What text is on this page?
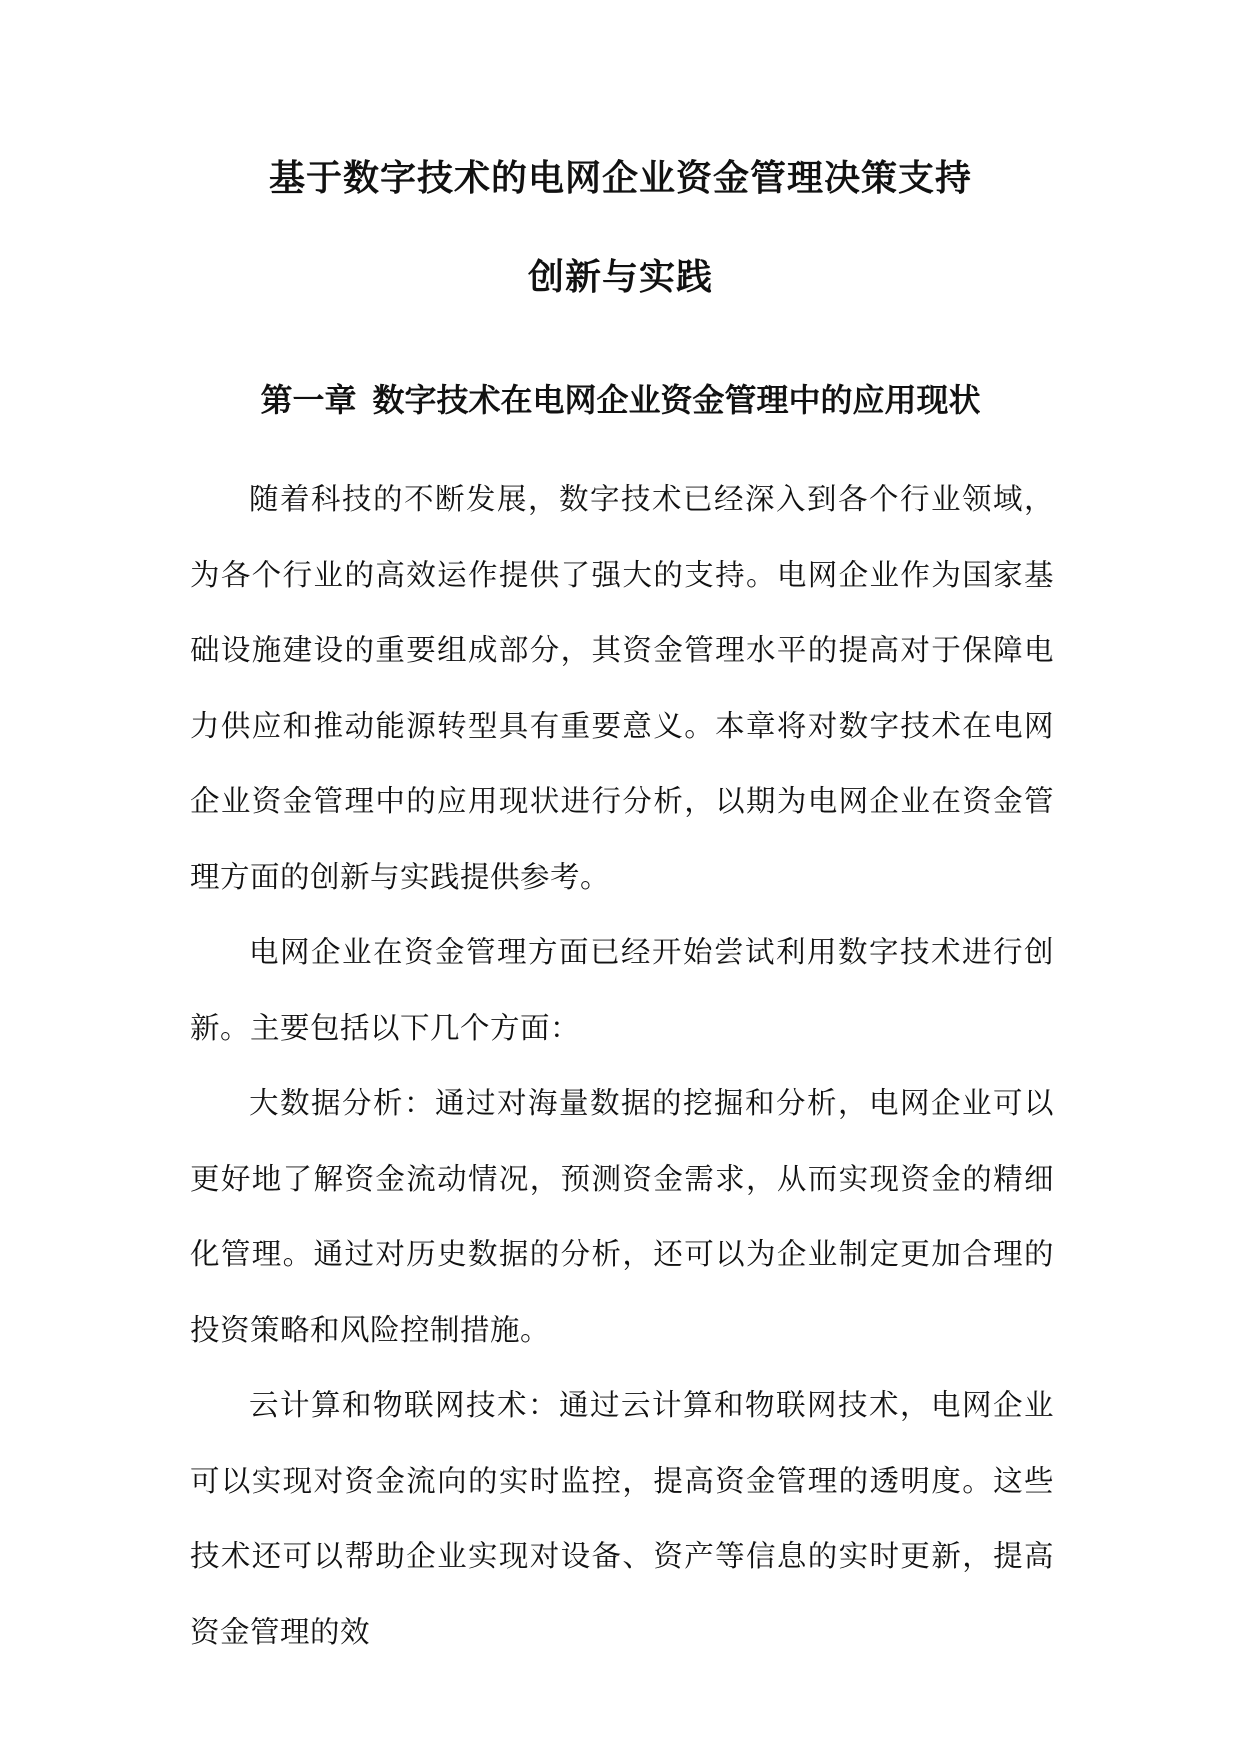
基于数字技术的电网企业资金管理决策支持
创新与实践
第一章 数字技术在电网企业资金管理中的应用现状

随着科技的不断发展，数字技术已经深入到各个行业领域，为各个行业的高效运作提供了强大的支持。电网企业作为国家基础设施建设的重要组成部分，其资金管理水平的提高对于保障电力供应和推动能源转型具有重要意义。本章将对数字技术在电网企业资金管理中的应用现状进行分析，以期为电网企业在资金管理方面的创新与实践提供参考。

电网企业在资金管理方面已经开始尝试利用数字技术进行创新。主要包括以下几个方面：

大数据分析：通过对海量数据的挖掘和分析，电网企业可以更好地了解资金流动情况，预测资金需求，从而实现资金的精细化管理。通过对历史数据的分析，还可以为企业制定更加合理的投资策略和风险控制措施。

云计算和物联网技术：通过云计算和物联网技术，电网企业可以实现对资金流向的实时监控，提高资金管理的透明度。这些技术还可以帮助企业实现对设备、资产等信息的实时更新，提高资金管理的效
